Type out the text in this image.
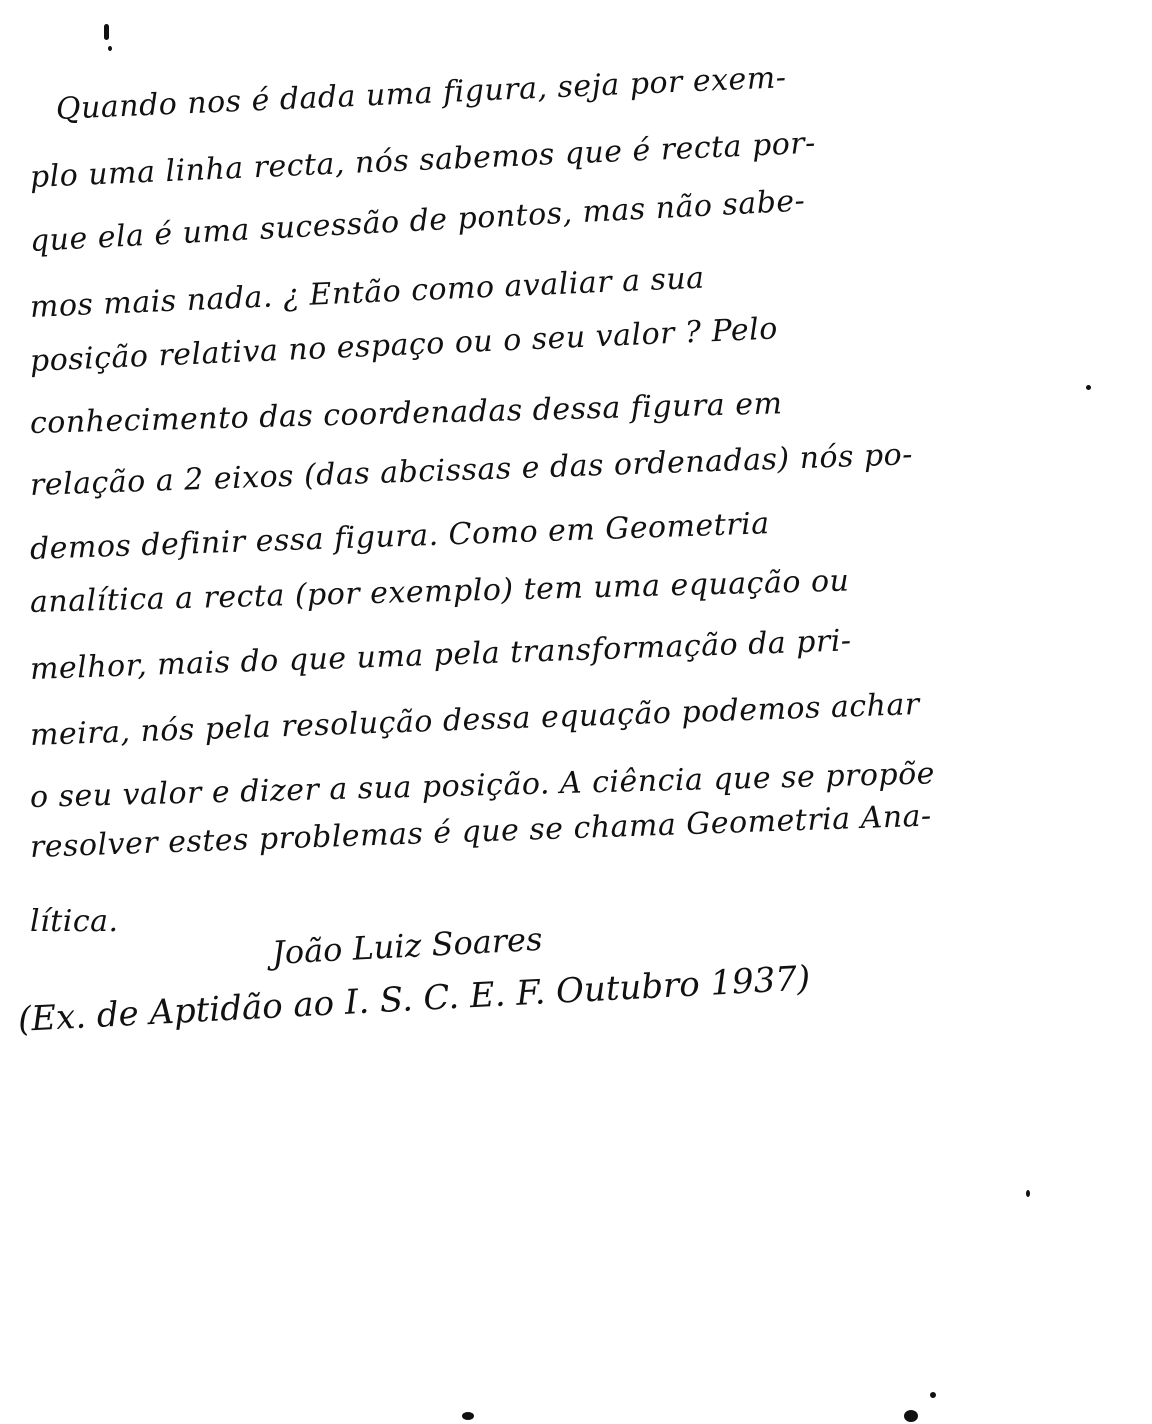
Quando nos é dada uma figura, seja por exem-
plo uma linha recta, nós sabemos que é recta por-
que ela é uma sucessão de pontos, mas não sabe-
mos mais nada. ¿ Então como avaliar a sua
posição relativa no espaço ou o seu valor ? Pelo
conhecimento das coordenadas dessa figura em
relação a 2 eixos (das abcissas e das ordenadas) nós po-
demos definir essa figura. Como em Geometria
analítica a recta (por exemplo) tem uma equação ou
melhor, mais do que uma pela transformação da pri-
meira, nós pela resolução dessa equação podemos achar
o seu valor e dizer a sua posição. A ciência que se propõe
resolver estes problemas é que se chama Geometria Ana-
lítica.	João Luiz Soares
(Ex. de Aptidão ao I. S. C. E. F. Outubro 1937)
